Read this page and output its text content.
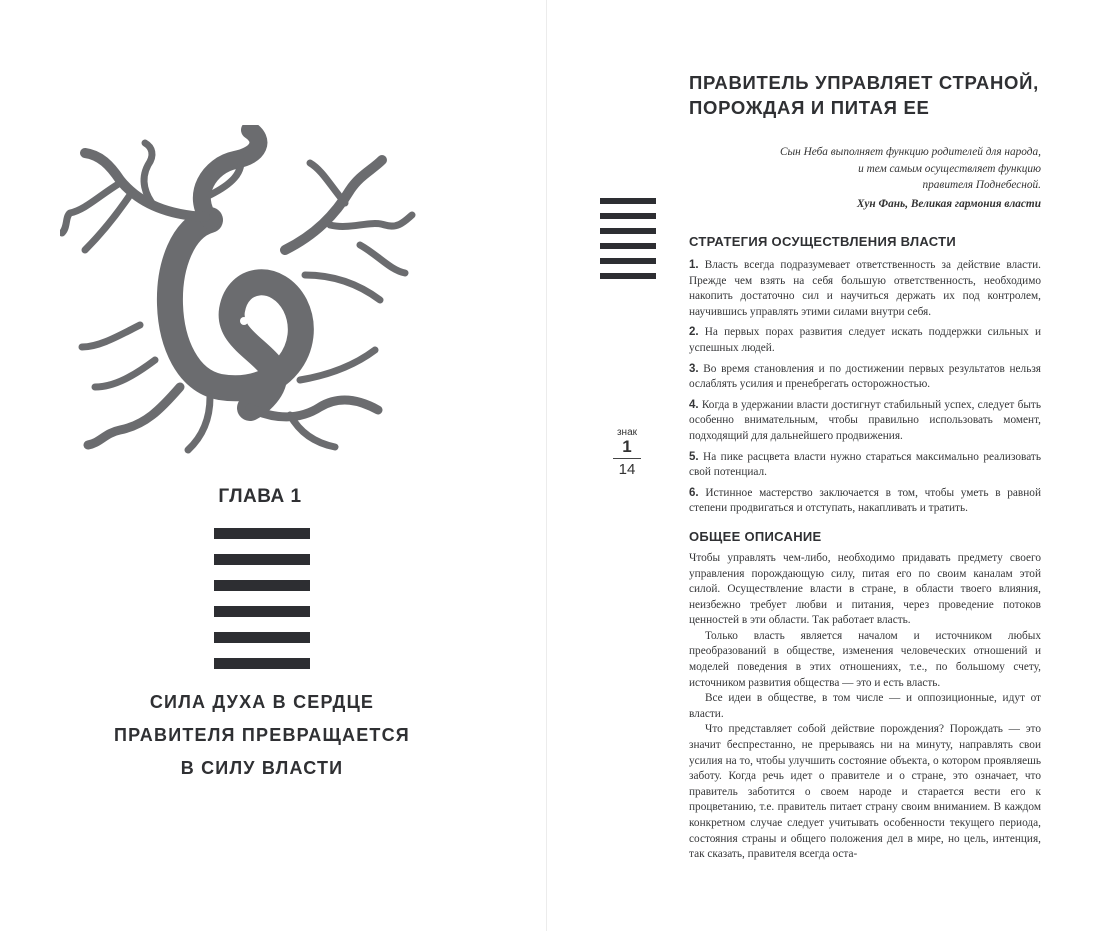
ГЛАВА 1
СИЛА ДУХА В СЕРДЦЕ
ПРАВИТЕЛЯ ПРЕВРАЩАЕТСЯ
В СИЛУ ВЛАСТИ
знак
1
14
ПРАВИТЕЛЬ УПРАВЛЯЕТ СТРАНОЙ,
ПОРОЖДАЯ И ПИТАЯ ЕЕ
Сын Неба выполняет функцию родителей для народа,
и тем самым осуществляет функцию
правителя Поднебесной.
Хун Фань, Великая гармония власти
СТРАТЕГИЯ ОСУЩЕСТВЛЕНИЯ ВЛАСТИ

1. Власть всегда подразумевает ответственность за действие власти. Прежде чем взять на себя большую ответственность, необходимо накопить достаточно сил и научиться держать их под контролем, научившись управлять этими силами внутри себя.

2. На первых порах развития следует искать поддержки сильных и успешных людей.

3. Во время становления и по достижении первых результатов нельзя ослаблять усилия и пренебрегать осторожностью.

4. Когда в удержании власти достигнут стабильный успех, следует быть особенно внимательным, чтобы правильно использовать момент, подходящий для дальнейшего продвижения.

5. На пике расцвета власти нужно стараться максимально реализовать свой потенциал.

6. Истинное мастерство заключается в том, чтобы уметь в равной степени продвигаться и отступать, накапливать и тратить.

ОБЩЕЕ ОПИСАНИЕ

Чтобы управлять чем-либо, необходимо придавать предмету своего управления порождающую силу, питая его по своим каналам этой силой. Осуществление власти в стране, в области твоего влияния, неизбежно требует любви и питания, через проведение потоков ценностей в эти области. Так работает власть.

Только власть является началом и источником любых преобразований в обществе, изменения человеческих отношений и моделей поведения в этих отношениях, т.е., по большому счету, источником развития общества — это и есть власть.

Все идеи в обществе, в том числе — и оппозиционные, идут от власти.

Что представляет собой действие порождения? Порождать — это значит беспрестанно, не прерываясь ни на минуту, направлять свои усилия на то, чтобы улучшить состояние объекта, о котором проявляешь заботу. Когда речь идет о правителе и о стране, это означает, что правитель заботится о своем народе и старается вести его к процветанию, т.е. правитель питает страну своим вниманием. В каждом конкретном случае следует учитывать особенности текущего периода, состояния страны и общего положения дел в мире, но цель, интенция, так сказать, правителя всегда оста-
